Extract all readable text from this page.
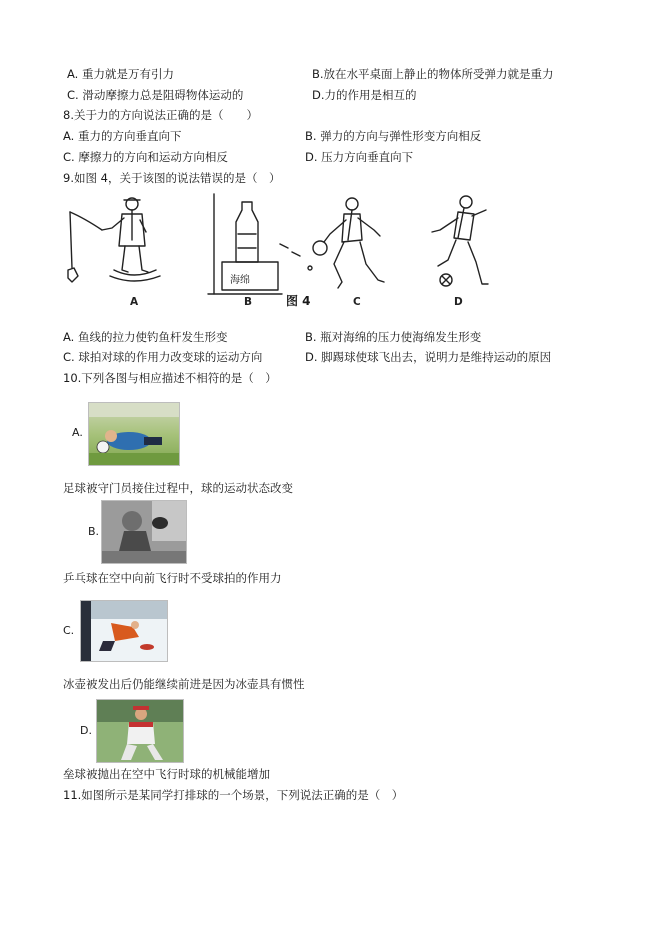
A. 重力就是万有引力	B.放在水平桌面上静止的物体所受弹力就是重力
C. 滑动摩擦力总是阻碍物体运动的	D.力的作用是相互的
8.关于力的方向说法正确的是（　　）
A. 重力的方向垂直向下	B. 弹力的方向与弹性形变方向相反
C. 摩擦力的方向和运动方向相反	D. 压力方向垂直向下
9.如图 4，关于该图的说法错误的是（　）
A	B	C	D
海绵
图 4
A. 鱼线的拉力使钓鱼杆发生形变	B. 瓶对海绵的压力使海绵发生形变
C. 球拍对球的作用力改变球的运动方向	D. 脚踢球使球飞出去，说明力是维持运动的原因
10.下列各图与相应描述不相符的是（　）
A.
足球被守门员接住过程中，球的运动状态改变
B.
乒乓球在空中向前飞行时不受球拍的作用力
C.
冰壶被发出后仍能继续前进是因为冰壶具有惯性
D.
垒球被抛出在空中飞行时球的机械能增加
11.如图所示是某同学打排球的一个场景，下列说法正确的是（　）
